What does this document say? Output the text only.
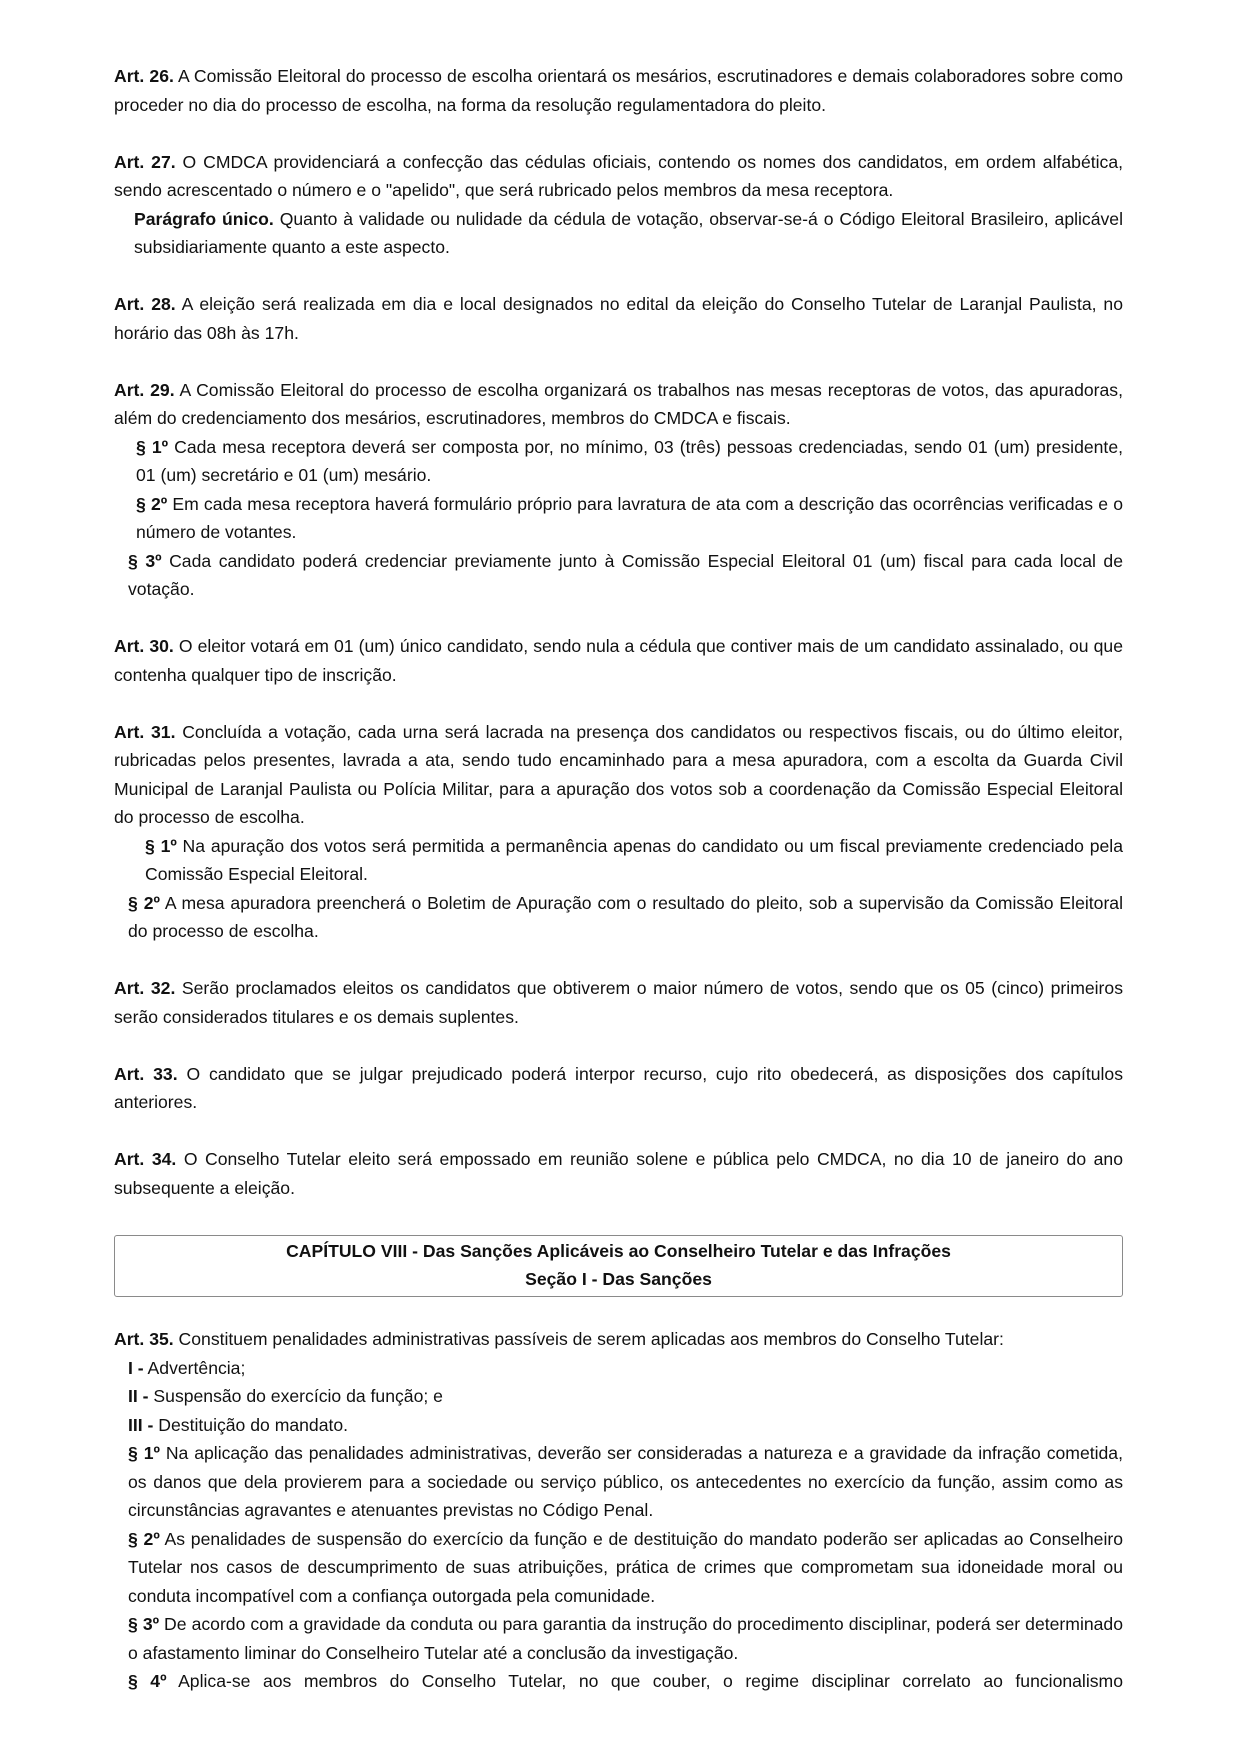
Art. 26. A Comissão Eleitoral do processo de escolha orientará os mesários, escrutinadores e demais colaboradores sobre como proceder no dia do processo de escolha, na forma da resolução regulamentadora do pleito.

Art. 27. O CMDCA providenciará a confecção das cédulas oficiais, contendo os nomes dos candidatos, em ordem alfabética, sendo acrescentado o número e o "apelido", que será rubricado pelos membros da mesa receptora.

Parágrafo único. Quanto à validade ou nulidade da cédula de votação, observar-se-á o Código Eleitoral Brasileiro, aplicável subsidiariamente quanto a este aspecto.

Art. 28. A eleição será realizada em dia e local designados no edital da eleição do Conselho Tutelar de Laranjal Paulista, no horário das 08h às 17h.

Art. 29. A Comissão Eleitoral do processo de escolha organizará os trabalhos nas mesas receptoras de votos, das apuradoras, além do credenciamento dos mesários, escrutinadores, membros do CMDCA e fiscais.

§ 1º Cada mesa receptora deverá ser composta por, no mínimo, 03 (três) pessoas credenciadas, sendo 01 (um) presidente, 01 (um) secretário e 01 (um) mesário.

§ 2º Em cada mesa receptora haverá formulário próprio para lavratura de ata com a descrição das ocorrências verificadas e o número de votantes.

§ 3º Cada candidato poderá credenciar previamente junto à Comissão Especial Eleitoral 01 (um) fiscal para cada local de votação.

Art. 30. O eleitor votará em 01 (um) único candidato, sendo nula a cédula que contiver mais de um candidato assinalado, ou que contenha qualquer tipo de inscrição.

Art. 31. Concluída a votação, cada urna será lacrada na presença dos candidatos ou respectivos fiscais, ou do último eleitor, rubricadas pelos presentes, lavrada a ata, sendo tudo encaminhado para a mesa apuradora, com a escolta da Guarda Civil Municipal de Laranjal Paulista ou Polícia Militar, para a apuração dos votos sob a coordenação da Comissão Especial Eleitoral do processo de escolha.

§ 1º Na apuração dos votos será permitida a permanência apenas do candidato ou um fiscal previamente credenciado pela Comissão Especial Eleitoral.

§ 2º A mesa apuradora preencherá o Boletim de Apuração com o resultado do pleito, sob a supervisão da Comissão Eleitoral do processo de escolha.

Art. 32. Serão proclamados eleitos os candidatos que obtiverem o maior número de votos, sendo que os 05 (cinco) primeiros serão considerados titulares e os demais suplentes.

Art. 33. O candidato que se julgar prejudicado poderá interpor recurso, cujo rito obedecerá, as disposições dos capítulos anteriores.

Art. 34. O Conselho Tutelar eleito será empossado em reunião solene e pública pelo CMDCA, no dia 10 de janeiro do ano subsequente a eleição.

CAPÍTULO VIII - Das Sanções Aplicáveis ao Conselheiro Tutelar e das Infrações
Seção I - Das Sanções

Art. 35. Constituem penalidades administrativas passíveis de serem aplicadas aos membros do Conselho Tutelar:

I - Advertência;

II - Suspensão do exercício da função; e

III - Destituição do mandato.

§ 1º Na aplicação das penalidades administrativas, deverão ser consideradas a natureza e a gravidade da infração cometida, os danos que dela provierem para a sociedade ou serviço público, os antecedentes no exercício da função, assim como as circunstâncias agravantes e atenuantes previstas no Código Penal.

§ 2º As penalidades de suspensão do exercício da função e de destituição do mandato poderão ser aplicadas ao Conselheiro Tutelar nos casos de descumprimento de suas atribuições, prática de crimes que comprometam sua idoneidade moral ou conduta incompatível com a confiança outorgada pela comunidade.

§ 3º De acordo com a gravidade da conduta ou para garantia da instrução do procedimento disciplinar, poderá ser determinado o afastamento liminar do Conselheiro Tutelar até a conclusão da investigação.

§ 4º Aplica-se aos membros do Conselho Tutelar, no que couber, o regime disciplinar correlato ao funcionalismo
